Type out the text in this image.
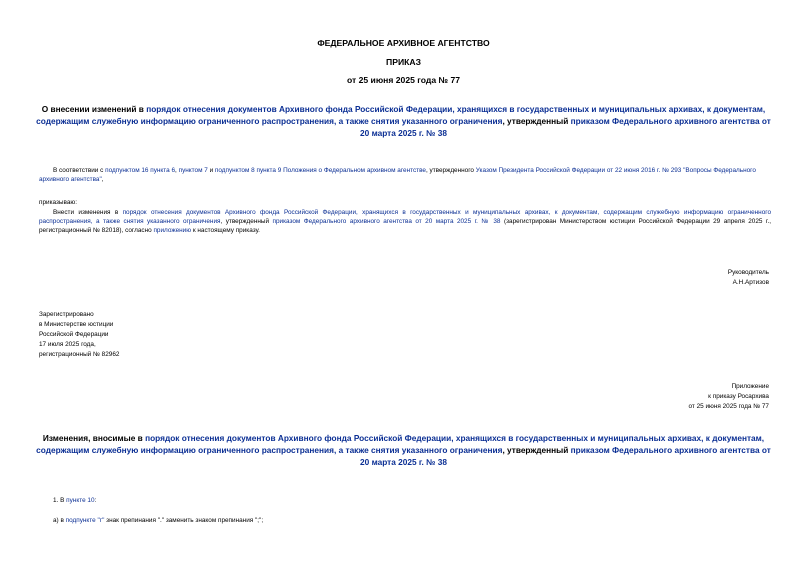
ФЕДЕРАЛЬНОЕ АРХИВНОЕ АГЕНТСТВО
ПРИКАЗ
от 25 июня 2025 года № 77
О внесении изменений в порядок отнесения документов Архивного фонда Российской Федерации, хранящихся в государственных и муниципальных архивах, к документам, содержащим служебную информацию ограниченного распространения, а также снятия указанного ограничения, утвержденный приказом Федерального архивного агентства от 20 марта 2025 г. № 38
В соответствии с подпунктом 16 пункта 6, пунктом 7 и подпунктом 8 пункта 9 Положения о Федеральном архивном агентстве, утвержденного Указом Президента Российской Федерации от 22 июня 2016 г. № 293 "Вопросы Федерального архивного агентства",
приказываю:
Внести изменения в порядок отнесения документов Архивного фонда Российской Федерации, хранящихся в государственных и муниципальных архивах, к документам, содержащим служебную информацию ограниченного распространения, а также снятия указанного ограничения, утвержденный приказом Федерального архивного агентства от 20 марта 2025 г. № 38 (зарегистрирован Министерством юстиции Российской Федерации 29 апреля 2025 г., регистрационный № 82018), согласно приложению к настоящему приказу.
Руководитель
А.Н.Артизов
Зарегистрировано
в Министерстве юстиции
Российской Федерации
17 июля 2025 года,
регистрационный № 82962
Приложение
к приказу Росархива
от 25 июня 2025 года № 77
Изменения, вносимые в порядок отнесения документов Архивного фонда Российской Федерации, хранящихся в государственных и муниципальных архивах, к документам, содержащим служебную информацию ограниченного распространения, а также снятия указанного ограничения, утвержденный приказом Федерального архивного агентства от 20 марта 2025 г. № 38
1. В пункте 10:
а) в подпункте "г" знак препинания "." заменить знаком препинания ";";
